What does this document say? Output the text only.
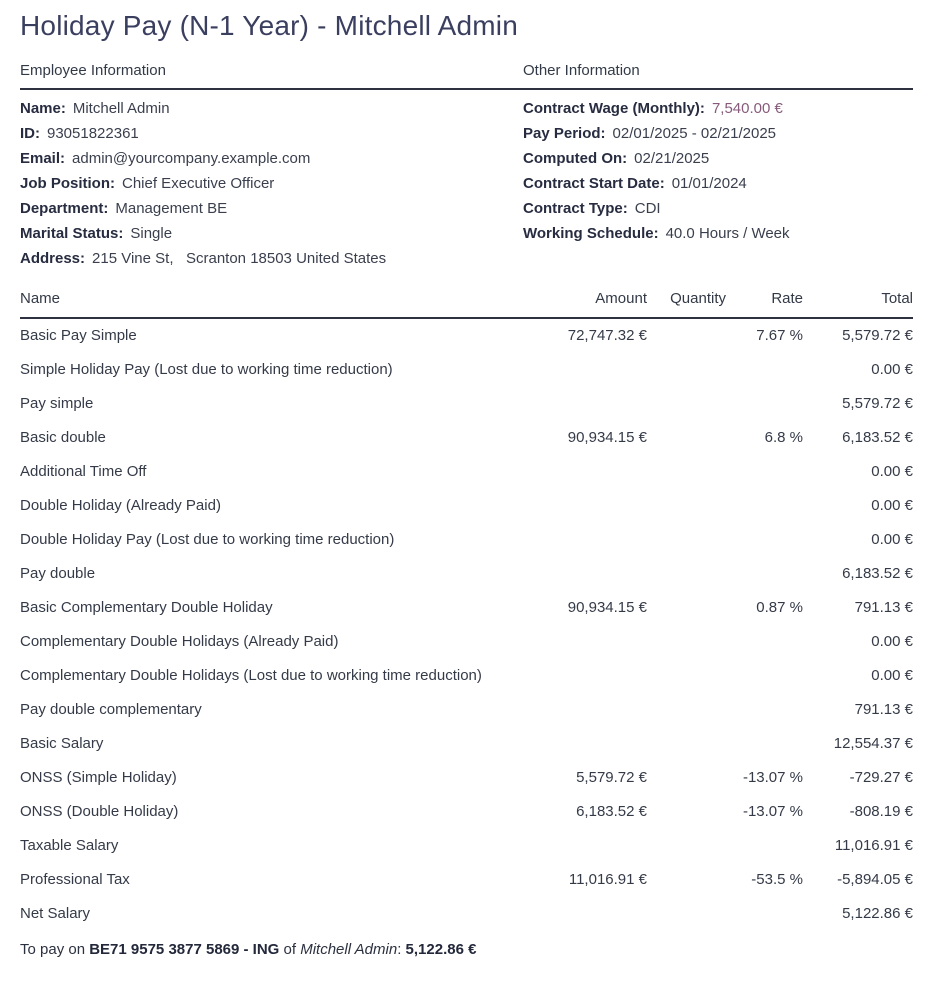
Holiday Pay (N-1 Year) - Mitchell Admin
Employee Information	Other Information
Name: Mitchell Admin
ID: 93051822361
Email: admin@yourcompany.example.com
Job Position: Chief Executive Officer
Department: Management BE
Marital Status: Single
Address: 215 Vine St,   Scranton 18503 United States
Contract Wage (Monthly): 7,540.00 €
Pay Period: 02/01/2025 - 02/21/2025
Computed On: 02/21/2025
Contract Start Date: 01/01/2024
Contract Type: CDI
Working Schedule: 40.0 Hours / Week
Name	Amount	Quantity	Rate	Total
Basic Pay Simple	72,747.32 €		7.67 %	5,579.72 €
Simple Holiday Pay (Lost due to working time reduction)				0.00 €
Pay simple				5,579.72 €
Basic double	90,934.15 €		6.8 %	6,183.52 €
Additional Time Off				0.00 €
Double Holiday (Already Paid)				0.00 €
Double Holiday Pay (Lost due to working time reduction)				0.00 €
Pay double				6,183.52 €
Basic Complementary Double Holiday	90,934.15 €		0.87 %	791.13 €
Complementary Double Holidays (Already Paid)				0.00 €
Complementary Double Holidays (Lost due to working time reduction)				0.00 €
Pay double complementary				791.13 €
Basic Salary				12,554.37 €
ONSS (Simple Holiday)	5,579.72 €		-13.07 %	-729.27 €
ONSS (Double Holiday)	6,183.52 €		-13.07 %	-808.19 €
Taxable Salary				11,016.91 €
Professional Tax	11,016.91 €		-53.5 %	-5,894.05 €
Net Salary				5,122.86 €
To pay on BE71 9575 3877 5869 - ING of Mitchell Admin: 5,122.86 €
